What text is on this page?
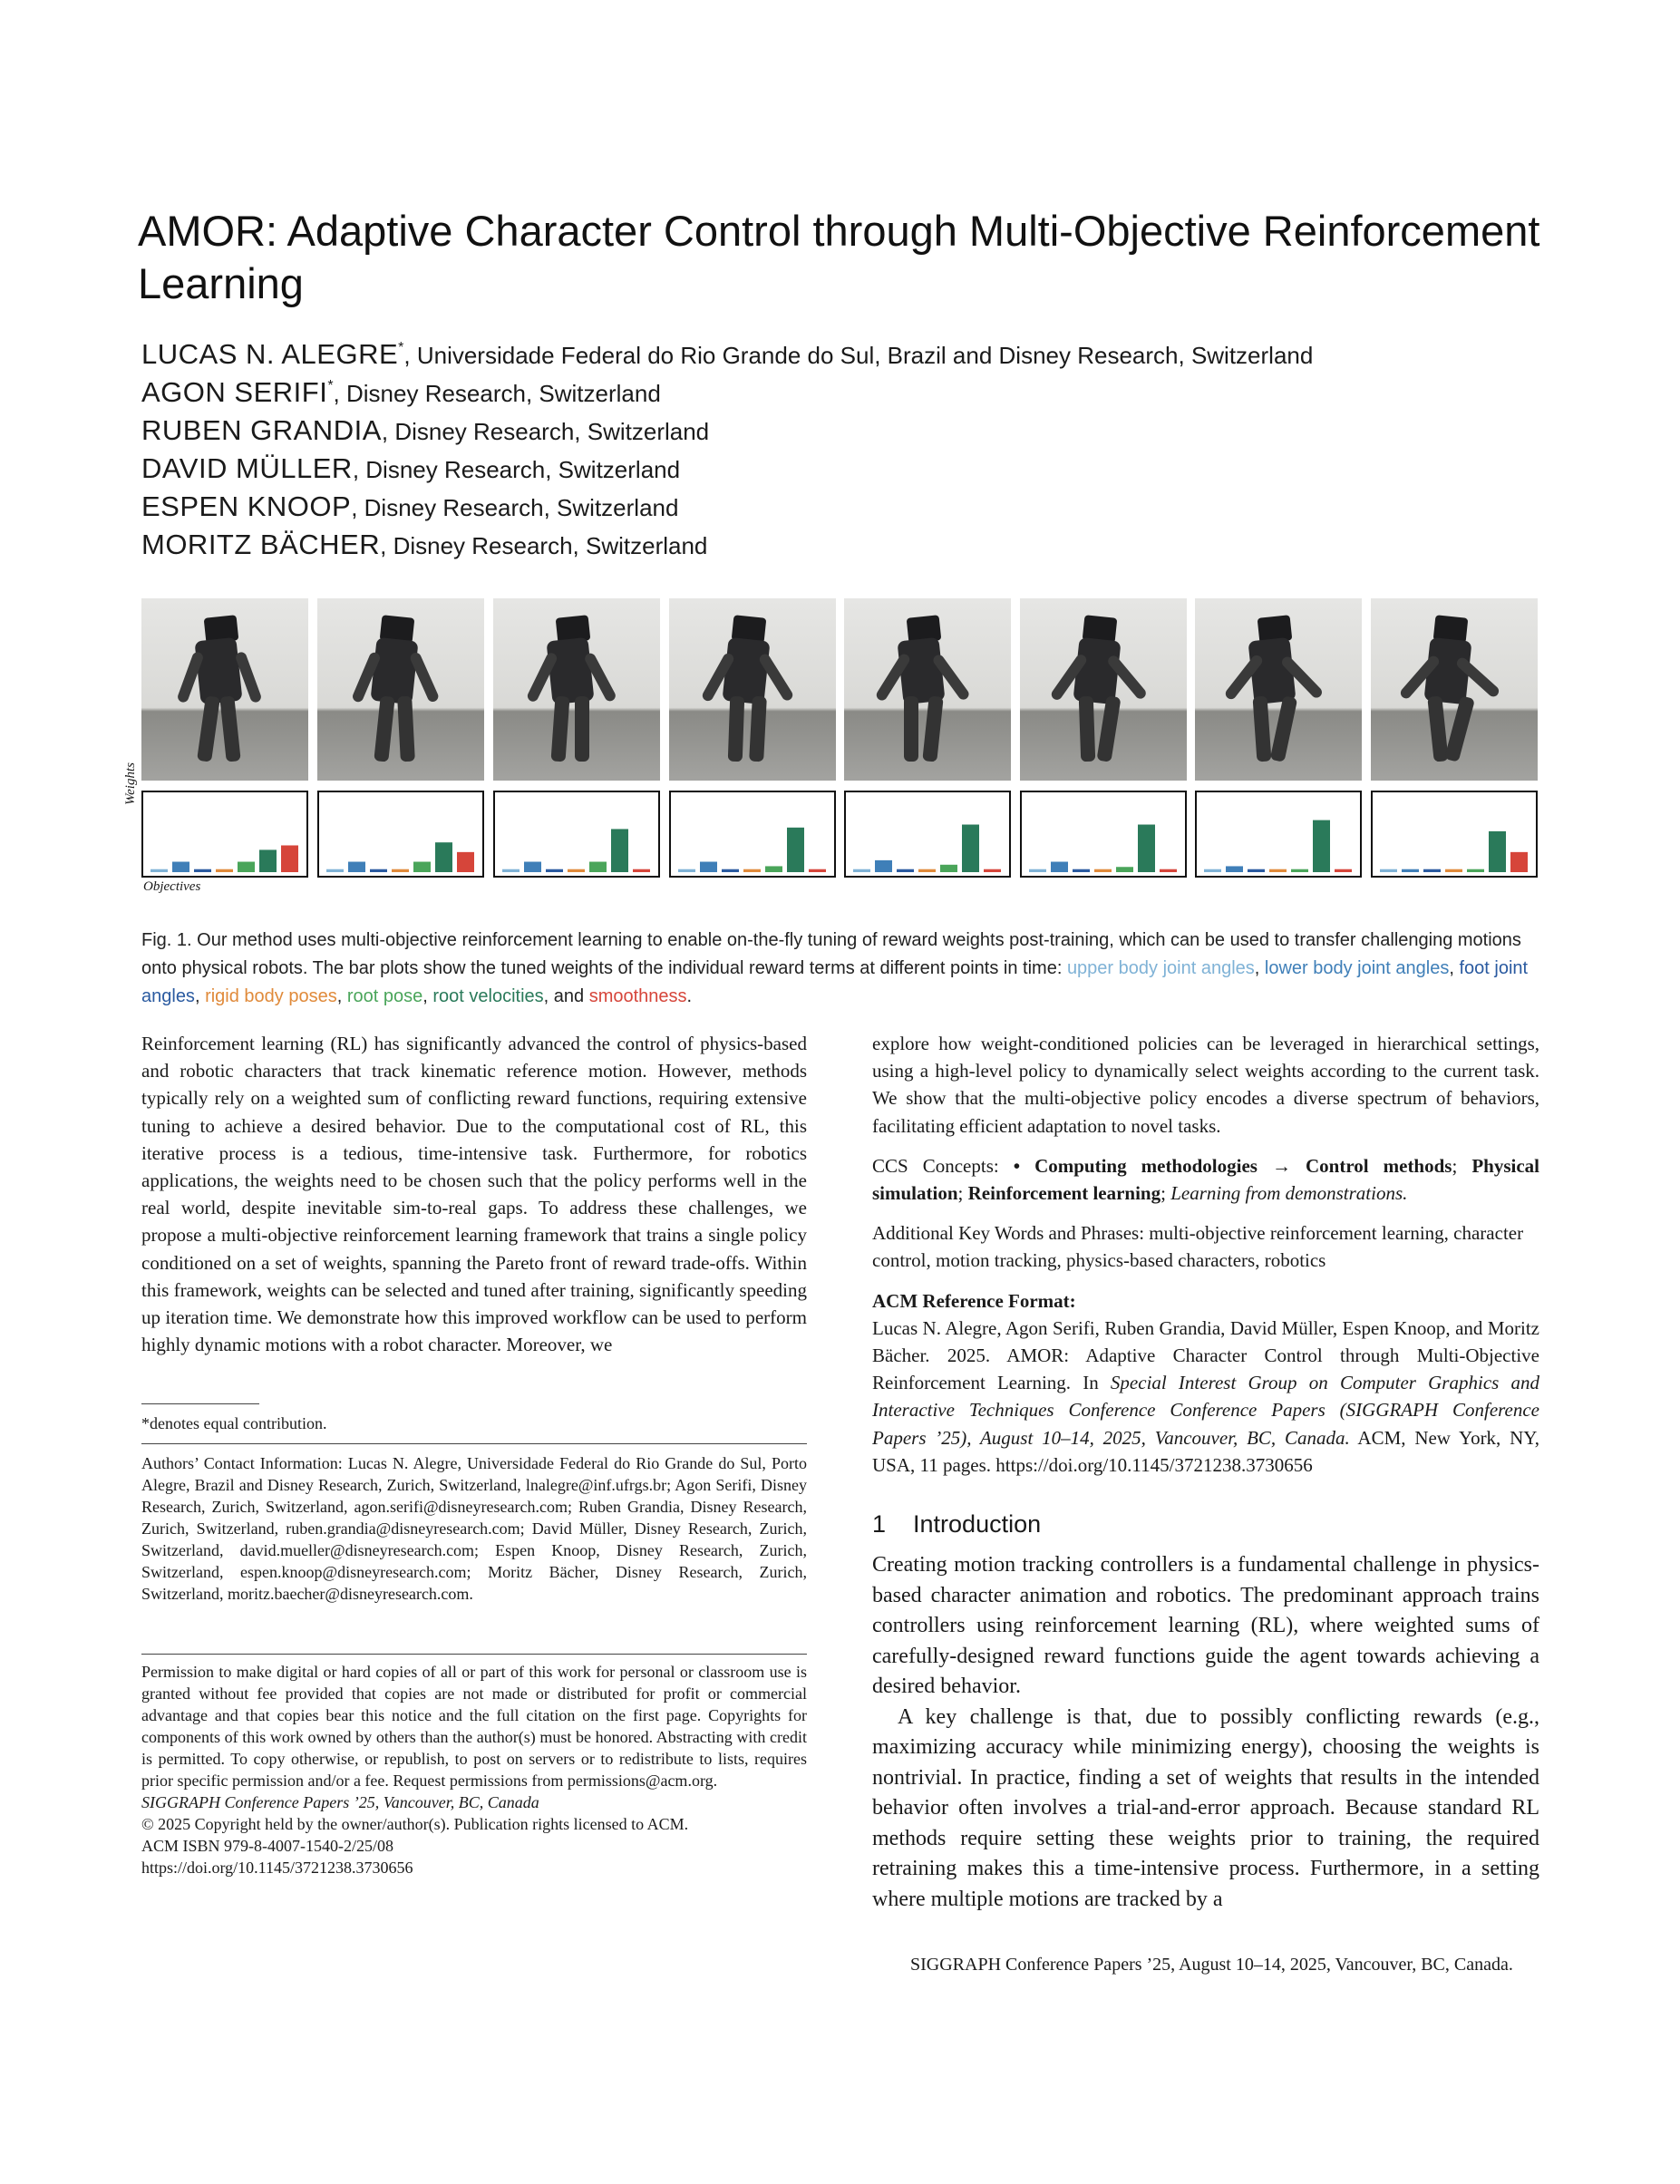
AMOR: Adaptive Character Control through Multi-Objective Reinforcement Learning
LUCAS N. ALEGRE*, Universidade Federal do Rio Grande do Sul, Brazil and Disney Research, Switzerland
AGON SERIFI*, Disney Research, Switzerland
RUBEN GRANDIA, Disney Research, Switzerland
DAVID MÜLLER, Disney Research, Switzerland
ESPEN KNOOP, Disney Research, Switzerland
MORITZ BÄCHER, Disney Research, Switzerland
Weights
Objectives
Fig. 1. Our method uses multi-objective reinforcement learning to enable on-the-fly tuning of reward weights post-training, which can be used to transfer challenging motions onto physical robots. The bar plots show the tuned weights of the individual reward terms at different points in time: upper body joint angles, lower body joint angles, foot joint angles, rigid body poses, root pose, root velocities, and smoothness.
Reinforcement learning (RL) has significantly advanced the control of physics-based and robotic characters that track kinematic reference motion. However, methods typically rely on a weighted sum of conflicting reward functions, requiring extensive tuning to achieve a desired behavior. Due to the computational cost of RL, this iterative process is a tedious, time-intensive task. Furthermore, for robotics applications, the weights need to be chosen such that the policy performs well in the real world, despite inevitable sim-to-real gaps. To address these challenges, we propose a multi-objective reinforcement learning framework that trains a single policy conditioned on a set of weights, spanning the Pareto front of reward trade-offs. Within this framework, weights can be selected and tuned after training, significantly speeding up iteration time. We demonstrate how this improved workflow can be used to perform highly dynamic motions with a robot character. Moreover, we
*denotes equal contribution.
Authors’ Contact Information: Lucas N. Alegre, Universidade Federal do Rio Grande do Sul, Porto Alegre, Brazil and Disney Research, Zurich, Switzerland, lnalegre@inf.ufrgs.br; Agon Serifi, Disney Research, Zurich, Switzerland, agon.serifi@disneyresearch.com; Ruben Grandia, Disney Research, Zurich, Switzerland, ruben.grandia@disneyresearch.com; David Müller, Disney Research, Zurich, Switzerland, david.mueller@disneyresearch.com; Espen Knoop, Disney Research, Zurich, Switzerland, espen.knoop@disneyresearch.com; Moritz Bächer, Disney Research, Zurich, Switzerland, moritz.baecher@disneyresearch.com.
Permission to make digital or hard copies of all or part of this work for personal or classroom use is granted without fee provided that copies are not made or distributed for profit or commercial advantage and that copies bear this notice and the full citation on the first page. Copyrights for components of this work owned by others than the author(s) must be honored. Abstracting with credit is permitted. To copy otherwise, or republish, to post on servers or to redistribute to lists, requires prior specific permission and/or a fee. Request permissions from permissions@acm.org.
SIGGRAPH Conference Papers ’25, Vancouver, BC, Canada
© 2025 Copyright held by the owner/author(s). Publication rights licensed to ACM.
ACM ISBN 979-8-4007-1540-2/25/08
https://doi.org/10.1145/3721238.3730656

explore how weight-conditioned policies can be leveraged in hierarchical settings, using a high-level policy to dynamically select weights according to the current task. We show that the multi-objective policy encodes a diverse spectrum of behaviors, facilitating efficient adaptation to novel tasks.

CCS Concepts: • Computing methodologies → Control methods; Physical simulation; Reinforcement learning; Learning from demonstrations.

Additional Key Words and Phrases: multi-objective reinforcement learning, character control, motion tracking, physics-based characters, robotics

ACM Reference Format:
Lucas N. Alegre, Agon Serifi, Ruben Grandia, David Müller, Espen Knoop, and Moritz Bächer. 2025. AMOR: Adaptive Character Control through Multi-Objective Reinforcement Learning. In Special Interest Group on Computer Graphics and Interactive Techniques Conference Conference Papers (SIGGRAPH Conference Papers ’25), August 10–14, 2025, Vancouver, BC, Canada. ACM, New York, NY, USA, 11 pages. https://doi.org/10.1145/3721238.3730656

1    Introduction
Creating motion tracking controllers is a fundamental challenge in physics-based character animation and robotics. The predominant approach trains controllers using reinforcement learning (RL), where weighted sums of carefully-designed reward functions guide the agent towards achieving a desired behavior.
A key challenge is that, due to possibly conflicting rewards (e.g., maximizing accuracy while minimizing energy), choosing the weights is nontrivial. In practice, finding a set of weights that results in the intended behavior often involves a trial-and-error approach. Because standard RL methods require setting these weights prior to training, the required retraining makes this a time-intensive process. Furthermore, in a setting where multiple motions are tracked by a
SIGGRAPH Conference Papers ’25, August 10–14, 2025, Vancouver, BC, Canada.
